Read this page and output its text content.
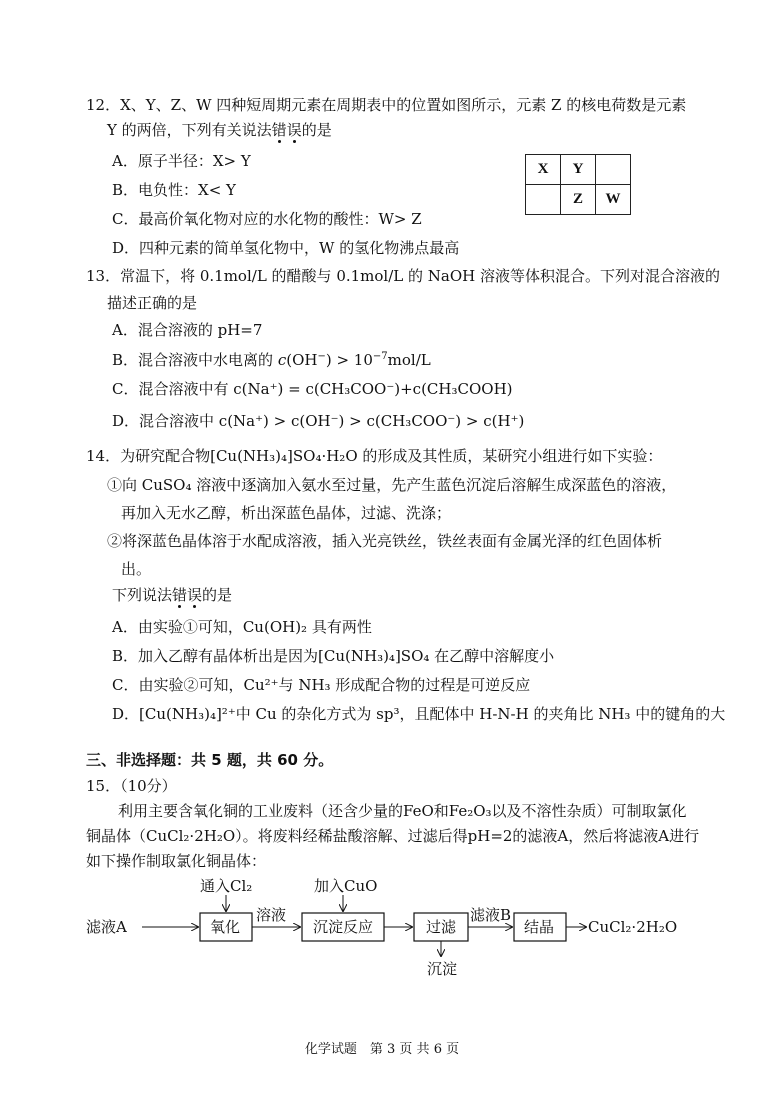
12．X、Y、Z、W 四种短周期元素在周期表中的位置如图所示，元素 Z 的核电荷数是元素
Y 的两倍，下列有关说法错误的是
A．原子半径：X> Y
B．电负性：X< Y
C．最高价氧化物对应的水化物的酸性：W> Z
D．四种元素的简单氢化物中，W 的氢化物沸点最高
X	Y	
	Z	W
13．常温下，将 0.1mol/L 的醋酸与 0.1mol/L 的 NaOH 溶液等体积混合。下列对混合溶液的
描述正确的是
A．混合溶液的 pH=7
B．混合溶液中水电离的 $c(OH^-) > 10^{-7}mol/L$
C．混合溶液中有 c(Na⁺) = c(CH₃COO⁻)+c(CH₃COOH)
D．混合溶液中 c(Na⁺) > c(OH⁻) > c(CH₃COO⁻) > c(H⁺)
14．为研究配合物[Cu(NH₃)₄]SO₄·H₂O 的形成及其性质，某研究小组进行如下实验：
①向 CuSO₄ 溶液中逐滴加入氨水至过量，先产生蓝色沉淀后溶解生成深蓝色的溶液，
再加入无水乙醇，析出深蓝色晶体，过滤、洗涤；
②将深蓝色晶体溶于水配成溶液，插入光亮铁丝，铁丝表面有金属光泽的红色固体析
出。
下列说法错误的是
A．由实验①可知，Cu(OH)₂ 具有两性
B．加入乙醇有晶体析出是因为[Cu(NH₃)₄]SO₄ 在乙醇中溶解度小
C．由实验②可知，Cu²⁺与 NH₃ 形成配合物的过程是可逆反应
D．[Cu(NH₃)₄]²⁺中 Cu 的杂化方式为 sp³，且配体中 H-N-H 的夹角比 NH₃ 中的键角的大
三、非选择题：共 5 题，共 60 分。
15．（10分）
利用主要含氧化铜的工业废料（还含少量的FeO和Fe₂O₃以及不溶性杂质）可制取氯化
铜晶体（CuCl₂·2H₂O）。将废料经稀盐酸溶解、过滤后得pH=2的滤液A，然后将滤液A进行
如下操作制取氯化铜晶体：
滤液A	氧化
通入Cl₂
溶液
沉淀反应
加入CuO
过滤
沉淀
滤液B
结晶 CuCl₂·2H₂O
化学试题　第 3 页 共 6 页
